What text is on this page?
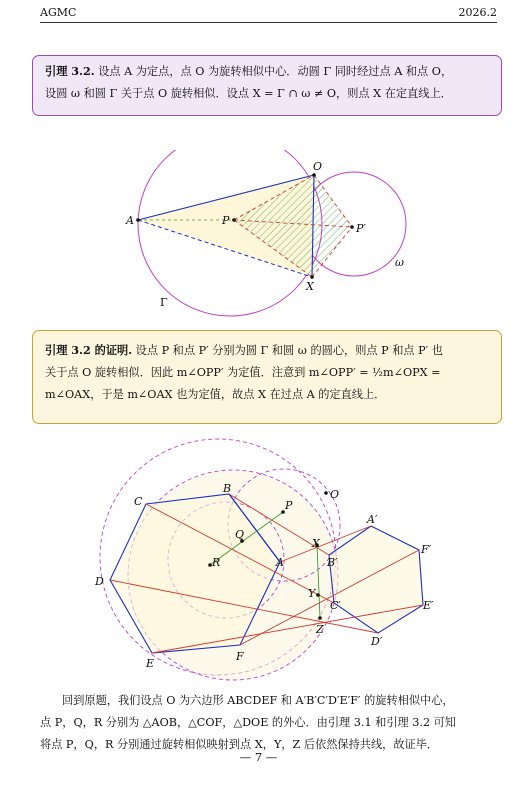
AGMC	2026.2
引理 3.2. 设点 A 为定点，点 O 为旋转相似中心．动圆 Γ 同时经过点 A 和点 O，
设圆 ω 和圆 Γ 关于点 O 旋转相似．设点 X = Γ ∩ ω ≠ O，则点 X 在定直线上．
A
O
P
P′
X
ω
Γ
引理 3.2 的证明. 设点 P 和点 P′ 分别为圆 Γ 和圆 ω 的圆心，则点 P 和点 P′ 也
关于点 O 旋转相似．因此 m∠OPP′ 为定值．注意到 m∠OPP′ = ½m∠OPX =
m∠OAX，于是 m∠OAX 也为定值，故点 X 在过点 A 的定直线上．
A
B
C
D
E
F
A′
B′
C′
D′
E′
F′
O
P
Q
R
X
Y
Z
回到原题，我们设点 O 为六边形 ABCDEF 和 A′B′C′D′E′F′ 的旋转相似中心，
点 P，Q，R 分别为 △AOB，△COF，△DOE 的外心．由引理 3.1 和引理 3.2 可知
将点 P，Q，R 分别通过旋转相似映射到点 X，Y，Z 后依然保持共线，故证毕．
— 7 —
